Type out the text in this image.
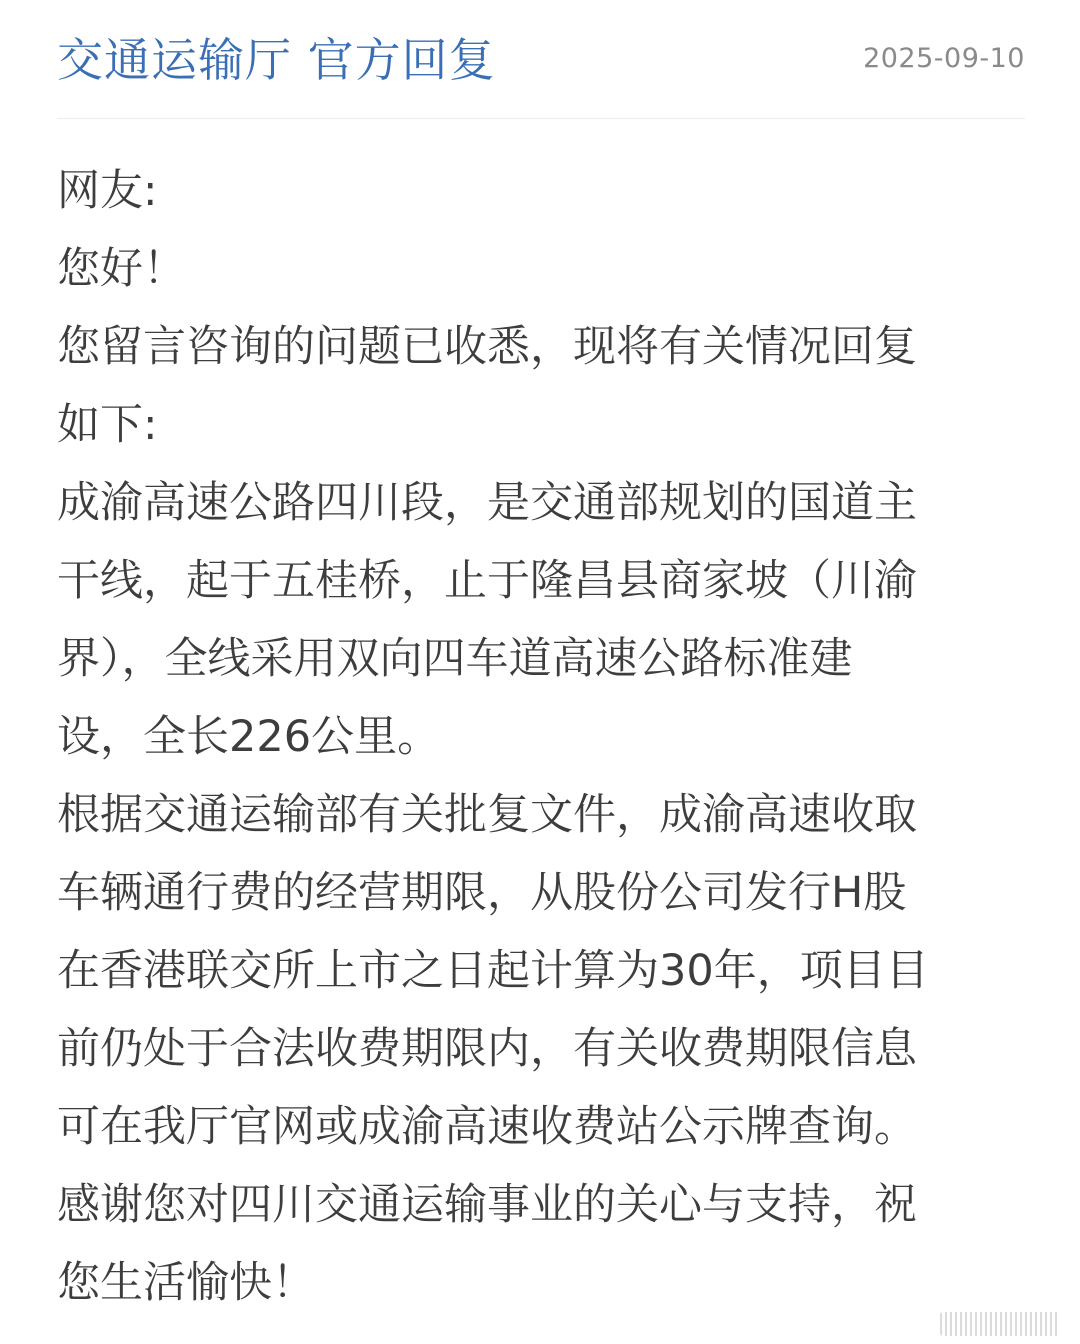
交通运输厅 官方回复	2025-09-10
网友:
您好！
您留言咨询的问题已收悉，现将有关情况回复
如下:
成渝高速公路四川段，是交通部规划的国道主
干线，起于五桂桥，止于隆昌县商家坡（川渝
界），全线采用双向四车道高速公路标准建
设，全长226公里。
根据交通运输部有关批复文件，成渝高速收取
车辆通行费的经营期限，从股份公司发行H股
在香港联交所上市之日起计算为30年，项目目
前仍处于合法收费期限内，有关收费期限信息
可在我厅官网或成渝高速收费站公示牌查询。
感谢您对四川交通运输事业的关心与支持，祝
您生活愉快！
